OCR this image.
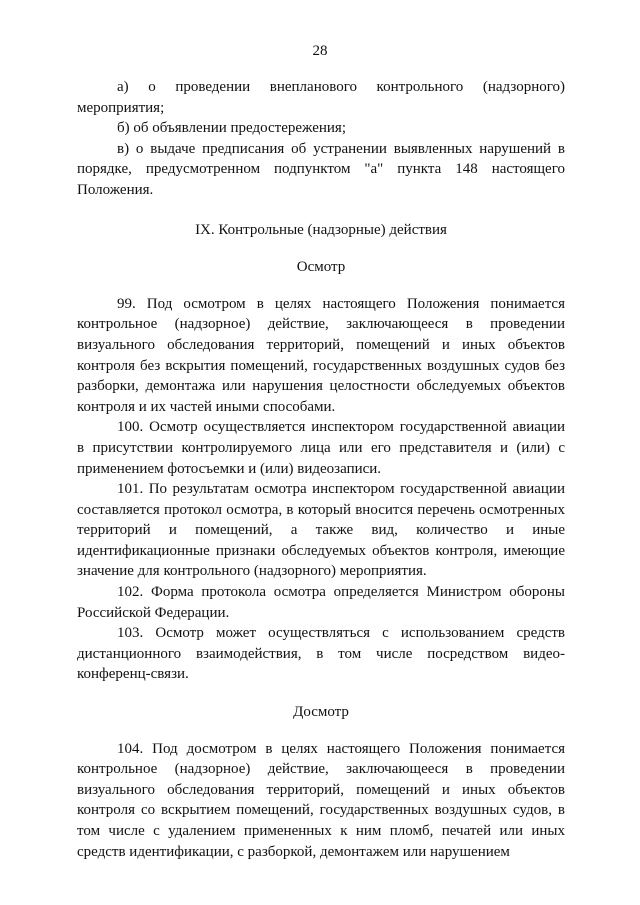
28

а) о проведении внепланового контрольного (надзорного) мероприятия;

б) об объявлении предостережения;

в) о выдаче предписания об устранении выявленных нарушений в порядке, предусмотренном подпунктом "а" пункта 148 настоящего Положения.

IX. Контрольные (надзорные) действия

Осмотр

99. Под осмотром в целях настоящего Положения понимается контрольное (надзорное) действие, заключающееся в проведении визуального обследования территорий, помещений и иных объектов контроля без вскрытия помещений, государственных воздушных судов без разборки, демонтажа или нарушения целостности обследуемых объектов контроля и их частей иными способами.

100. Осмотр осуществляется инспектором государственной авиации в присутствии контролируемого лица или его представителя и (или) с применением фотосъемки и (или) видеозаписи.

101. По результатам осмотра инспектором государственной авиации составляется протокол осмотра, в который вносится перечень осмотренных территорий и помещений, а также вид, количество и иные идентификационные признаки обследуемых объектов контроля, имеющие значение для контрольного (надзорного) мероприятия.

102. Форма протокола осмотра определяется Министром обороны Российской Федерации.

103. Осмотр может осуществляться с использованием средств дистанционного взаимодействия, в том числе посредством видео-конференц-связи.

Досмотр

104. Под досмотром в целях настоящего Положения понимается контрольное (надзорное) действие, заключающееся в проведении визуального обследования территорий, помещений и иных объектов контроля со вскрытием помещений, государственных воздушных судов, в том числе с удалением примененных к ним пломб, печатей или иных средств идентификации, с разборкой, демонтажем или нарушением
